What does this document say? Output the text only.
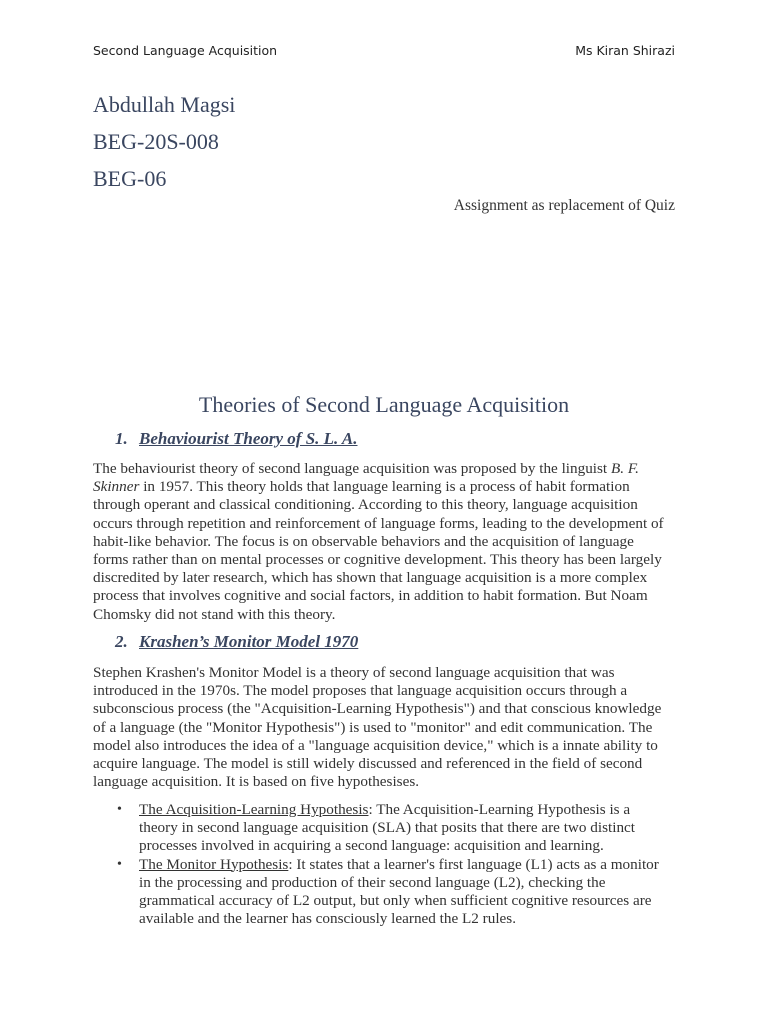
Second Language Acquisition	Ms Kiran Shirazi
Abdullah Magsi
BEG-20S-008
BEG-06
Assignment as replacement of Quiz
Theories of Second Language Acquisition
1. Behaviourist Theory of S. L. A.
The behaviourist theory of second language acquisition was proposed by the linguist B. F.
Skinner in 1957. This theory holds that language learning is a process of habit formation
through operant and classical conditioning. According to this theory, language acquisition
occurs through repetition and reinforcement of language forms, leading to the development of
habit-like behavior. The focus is on observable behaviors and the acquisition of language
forms rather than on mental processes or cognitive development. This theory has been largely
discredited by later research, which has shown that language acquisition is a more complex
process that involves cognitive and social factors, in addition to habit formation. But Noam
Chomsky did not stand with this theory.
2. Krashen’s Monitor Model 1970
Stephen Krashen's Monitor Model is a theory of second language acquisition that was
introduced in the 1970s. The model proposes that language acquisition occurs through a
subconscious process (the "Acquisition-Learning Hypothesis") and that conscious knowledge
of a language (the "Monitor Hypothesis") is used to "monitor" and edit communication. The
model also introduces the idea of a "language acquisition device," which is a innate ability to
acquire language. The model is still widely discussed and referenced in the field of second
language acquisition. It is based on five hypothesises.
• The Acquisition-Learning Hypothesis: The Acquisition-Learning Hypothesis is a
theory in second language acquisition (SLA) that posits that there are two distinct
processes involved in acquiring a second language: acquisition and learning.
• The Monitor Hypothesis: It states that a learner's first language (L1) acts as a monitor
in the processing and production of their second language (L2), checking the
grammatical accuracy of L2 output, but only when sufficient cognitive resources are
available and the learner has consciously learned the L2 rules.
